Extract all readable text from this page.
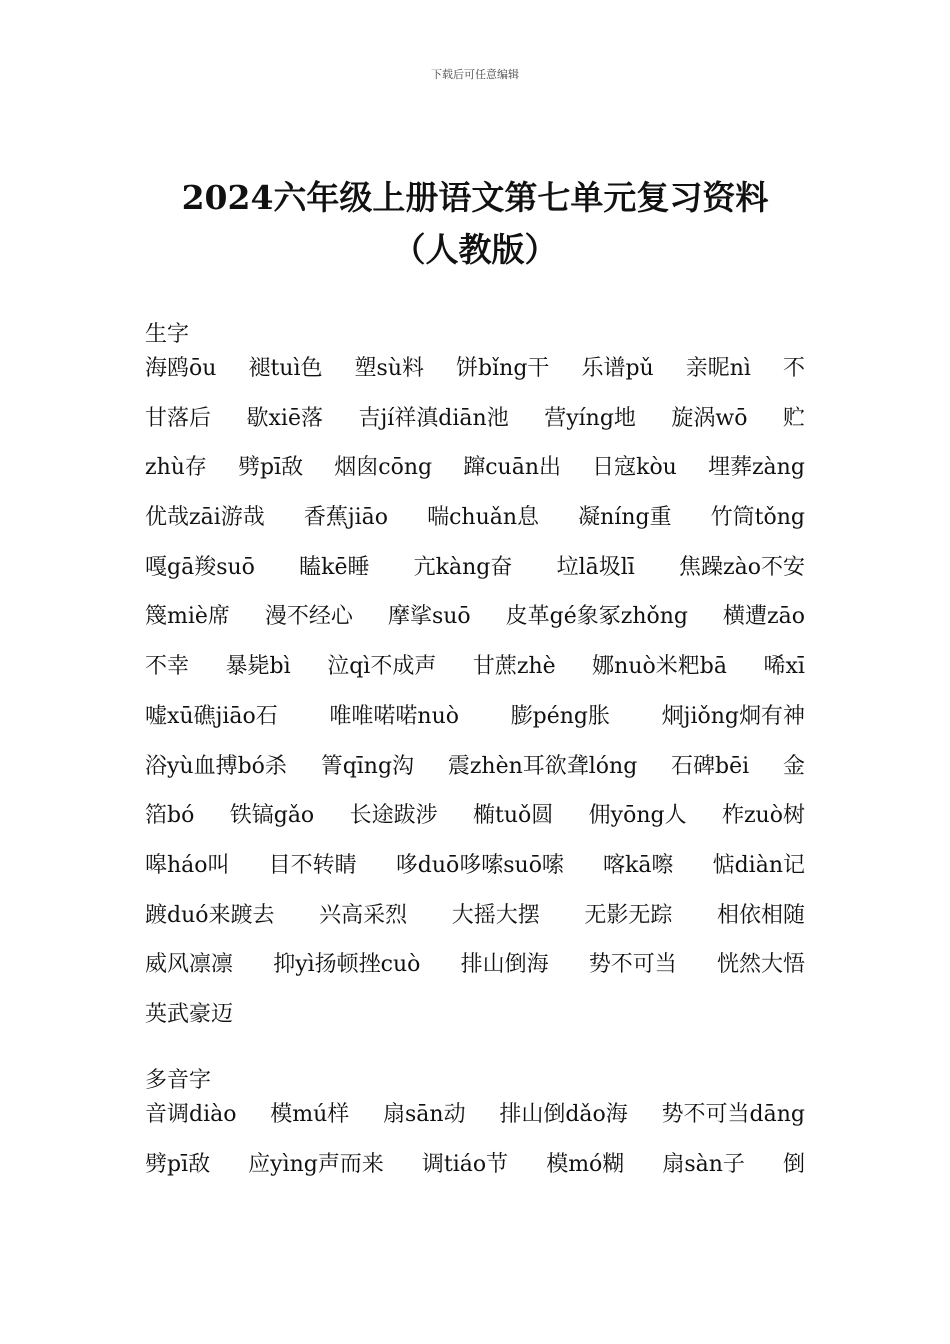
下载后可任意编辑
2024六年级上册语文第七单元复习资料
（人教版）
生字
海鸥ōu 褪tuì色 塑sù料 饼bǐng干 乐谱pǔ 亲昵nì 不
甘落后 歇xiē落 吉jí祥滇diān池 营yíng地 旋涡wō 贮
zhù存 劈pī敌 烟囱cōng 蹿cuān出 日寇kòu 埋葬zàng
优哉zāi游哉 香蕉jiāo 喘chuǎn息 凝níng重 竹筒tǒng
嘎gā羧suō 瞌kē睡 亢kàng奋 垃lā圾lī 焦躁zào不安
篾miè席 漫不经心 摩挲suō 皮革gé象冢zhǒng 横遭zāo
不幸 暴毙bì 泣qì不成声 甘蔗zhè 娜nuò米粑bā 唏xī
嘘xū礁jiāo石 唯唯喏喏nuò 膨péng胀 炯jiǒng炯有神
浴yù血搏bó杀 箐qīng沟 震zhèn耳欲聋lóng 石碑bēi 金
箔bó 铁镐gǎo 长途跋涉 椭tuǒ圆 佣yōng人 柞zuò树
嗥háo叫 目不转睛 哆duō哆嗦suō嗦 喀kā嚓 惦diàn记
踱duó来踱去 兴高采烈 大摇大摆 无影无踪 相依相随
威风凛凛 抑yì扬顿挫cuò 排山倒海 势不可当 恍然大悟
英武豪迈
多音字
音调diào 模mú样 扇sān动 排山倒dǎo海 势不可当dāng
劈pī敌 应yìng声而来 调tiáo节 模mó糊 扇sàn子 倒
